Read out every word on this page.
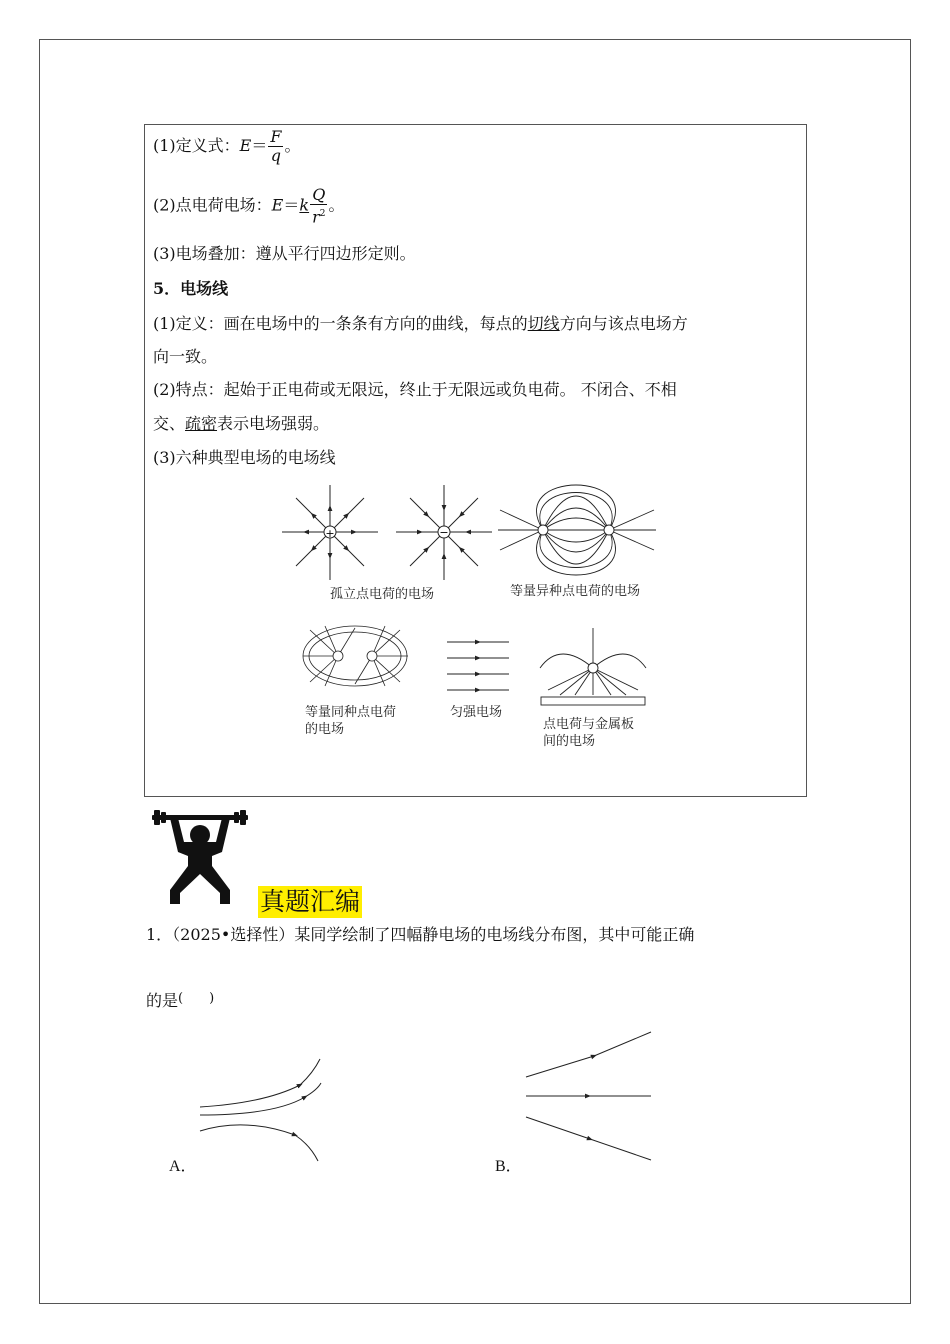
(1)定义式：$E= \frac{F}{q}$ 。
(2)点电荷电场：$E=k \frac{Q}{r^2}$ 。
(3)电场叠加：遵从平行四边形定则。
5．电场线
(1)定义：画在电场中的一条条有方向的曲线，每点的切线方向与该点电场方
向一致。
(2)特点：起始于正电荷或无限远，终止于无限远或负电荷。 不闭合、不相
交、疏密表示电场强弱。
(3)六种典型电场的电场线
+	−
孤立点电荷的电场	等量异种点电荷的电场
等量同种点电荷
的电场
匀强电场
点电荷与金属板
间的电场
真题汇编
1．（2025•选择性）某同学绘制了四幅静电场的电场线分布图，其中可能正确
的是(　　)
A．	B．
